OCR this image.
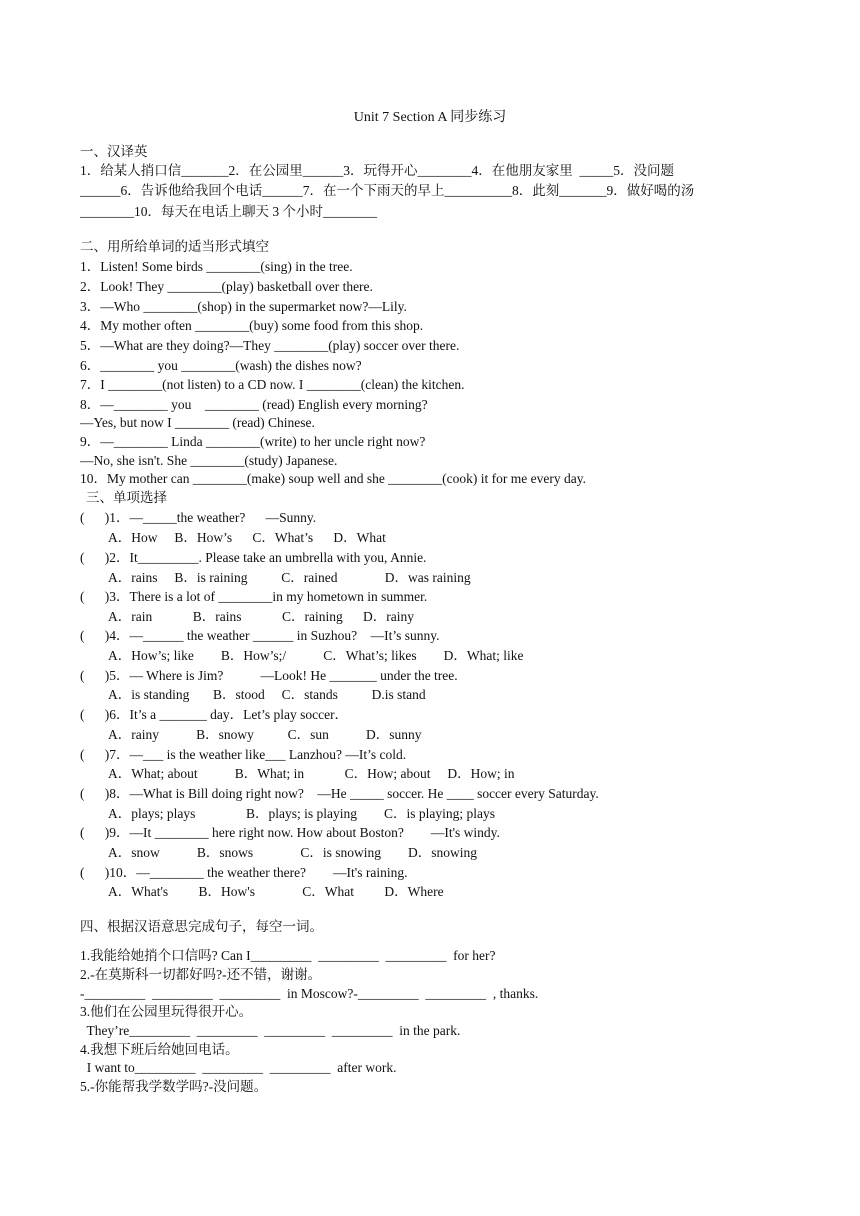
Unit 7 Section A 同步练习
一、汉译英
1．给某人捎口信_______2．在公园里______3．玩得开心________4．在他朋友家里  _____5．没问题
______6．告诉他给我回个电话______7．在一个下雨天的早上__________8．此刻_______9．做好喝的汤
________10．每天在电话上聊天 3 个小时________
二、用所给单词的适当形式填空
1．Listen! Some birds ________(sing) in the tree.
2．Look! They ________(play) basketball over there.
3．—Who ________(shop) in the supermarket now?—Lily.
4．My mother often ________(buy) some food from this shop.
5．—What are they doing?—They ________(play) soccer over there.
6．________ you ________(wash) the dishes now?
7．I ________(not listen) to a CD now. I ________(clean) the kitchen.
8．—________ you    ________ (read) English every morning?
—Yes, but now I ________ (read) Chinese.
9．—________ Linda ________(write) to her uncle right now?
—No, she isn't. She ________(study) Japanese.
10．My mother can ________(make) soup well and she ________(cook) it for me every day.
三、单项选择
(      )1．—_____the weather?      —Sunny.
A．How     B．How’s      C．What’s      D．What
(      )2．It_________. Please take an umbrella with you, Annie.
A．rains     B．is raining          C．rained              D．was raining
(      )3．There is a lot of ________in my hometown in summer.
A．rain            B．rains            C．raining      D．rainy
(      )4．—______ the weather ______ in Suzhou?    —It’s sunny.
A．How’s; like        B．How’s;/           C．What’s; likes        D．What; like
(      )5．— Where is Jim?           —Look! He _______ under the tree.
A．is standing       B．stood     C．stands          D.is stand
(      )6．It’s a _______ day．Let’s play soccer．
A．rainy           B．snowy          C．sun           D．sunny
(      )7．—___ is the weather like___ Lanzhou? —It’s cold.
A．What; about           B．What; in            C．How; about     D．How; in
(      )8．—What is Bill doing right now?    —He _____ soccer. He ____ soccer every Saturday.
A．plays; plays               B．plays; is playing        C．is playing; plays
(      )9．—It ________ here right now. How about Boston?        —It's windy.
A．snow           B．snows              C．is snowing        D．snowing
(      )10．—________ the weather there?        —It's raining.
A．What's         B．How's              C．What         D．Where
四、根据汉语意思完成句子，每空一词。
1.我能给她捎个口信吗? Can I_________  _________  _________  for her?
2.-在莫斯科一切都好吗?-还不错，谢谢。
-_________  _________  _________  in Moscow?-_________  _________  , thanks.
3.他们在公园里玩得很开心。
They’re_________  _________  _________  _________  in the park.
4.我想下班后给她回电话。
I want to_________  _________  _________  after work.
5.-你能帮我学数学吗?-没问题。
